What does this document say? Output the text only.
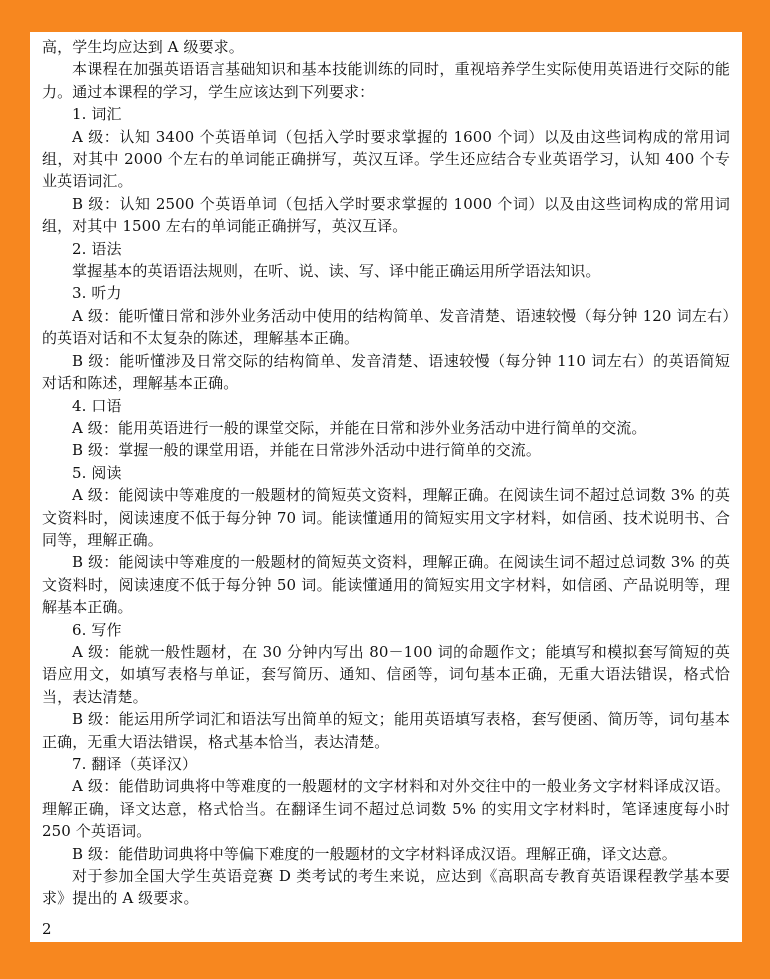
高，学生均应达到 A 级要求。

本课程在加强英语语言基础知识和基本技能训练的同时，重视培养学生实际使用英语进行交际的能力。通过本课程的学习，学生应该达到下列要求：

1. 词汇

A 级：认知 3400 个英语单词（包括入学时要求掌握的 1600 个词）以及由这些词构成的常用词组，对其中 2000 个左右的单词能正确拼写，英汉互译。学生还应结合专业英语学习，认知 400 个专业英语词汇。

B 级：认知 2500 个英语单词（包括入学时要求掌握的 1000 个词）以及由这些词构成的常用词组，对其中 1500 左右的单词能正确拼写，英汉互译。

2. 语法

掌握基本的英语语法规则，在听、说、读、写、译中能正确运用所学语法知识。

3. 听力

A 级：能听懂日常和涉外业务活动中使用的结构简单、发音清楚、语速较慢（每分钟 120 词左右）的英语对话和不太复杂的陈述，理解基本正确。

B 级：能听懂涉及日常交际的结构简单、发音清楚、语速较慢（每分钟 110 词左右）的英语简短对话和陈述，理解基本正确。

4. 口语

A 级：能用英语进行一般的课堂交际，并能在日常和涉外业务活动中进行简单的交流。

B 级：掌握一般的课堂用语，并能在日常涉外活动中进行简单的交流。

5. 阅读

A 级：能阅读中等难度的一般题材的简短英文资料，理解正确。在阅读生词不超过总词数 3% 的英文资料时，阅读速度不低于每分钟 70 词。能读懂通用的简短实用文字材料，如信函、技术说明书、合同等，理解正确。

B 级：能阅读中等难度的一般题材的简短英文资料，理解正确。在阅读生词不超过总词数 3% 的英文资料时，阅读速度不低于每分钟 50 词。能读懂通用的简短实用文字材料，如信函、产品说明等，理解基本正确。

6. 写作

A 级：能就一般性题材，在 30 分钟内写出 80－100 词的命题作文；能填写和模拟套写简短的英语应用文，如填写表格与单证，套写简历、通知、信函等，词句基本正确，无重大语法错误，格式恰当，表达清楚。

B 级：能运用所学词汇和语法写出简单的短文；能用英语填写表格，套写便函、简历等，词句基本正确，无重大语法错误，格式基本恰当，表达清楚。

7. 翻译（英译汉）

A 级：能借助词典将中等难度的一般题材的文字材料和对外交往中的一般业务文字材料译成汉语。理解正确，译文达意，格式恰当。在翻译生词不超过总词数 5% 的实用文字材料时，笔译速度每小时 250 个英语词。

B 级：能借助词典将中等偏下难度的一般题材的文字材料译成汉语。理解正确，译文达意。

对于参加全国大学生英语竞赛 D 类考试的考生来说，应达到《高职高专教育英语课程教学基本要求》提出的 A 级要求。

2
